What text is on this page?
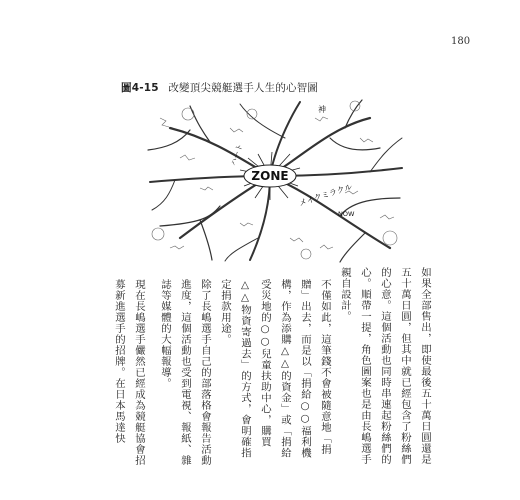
180
圖4-15 改變頂尖競艇選手人生的心智圖
ZONE
メイクミラクル
ハート
神
NOW

如果全部售出，即使最後五十萬日圓還是五十萬日圓，但其中就已經包含了粉絲們的心意。這個活動也同時串連起粉絲們的心。順帶一提，角色圖案也是由長嶋選手親自設計。

不僅如此，這筆錢不會被隨意地「捐贈」出去，而是以「捐給○○福利機構，作為添購△△的資金」或「捐給受災地的○○兒童扶助中心，購買△△物資寄過去」的方式，會明確指定捐款用途。

除了長嶋選手自己的部落格會報告活動進度，這個活動也受到電視、報紙、雜誌等媒體的大幅報導。

現在長嶋選手儼然已經成為競艇協會招募新進選手的招牌。在日本馬達快
